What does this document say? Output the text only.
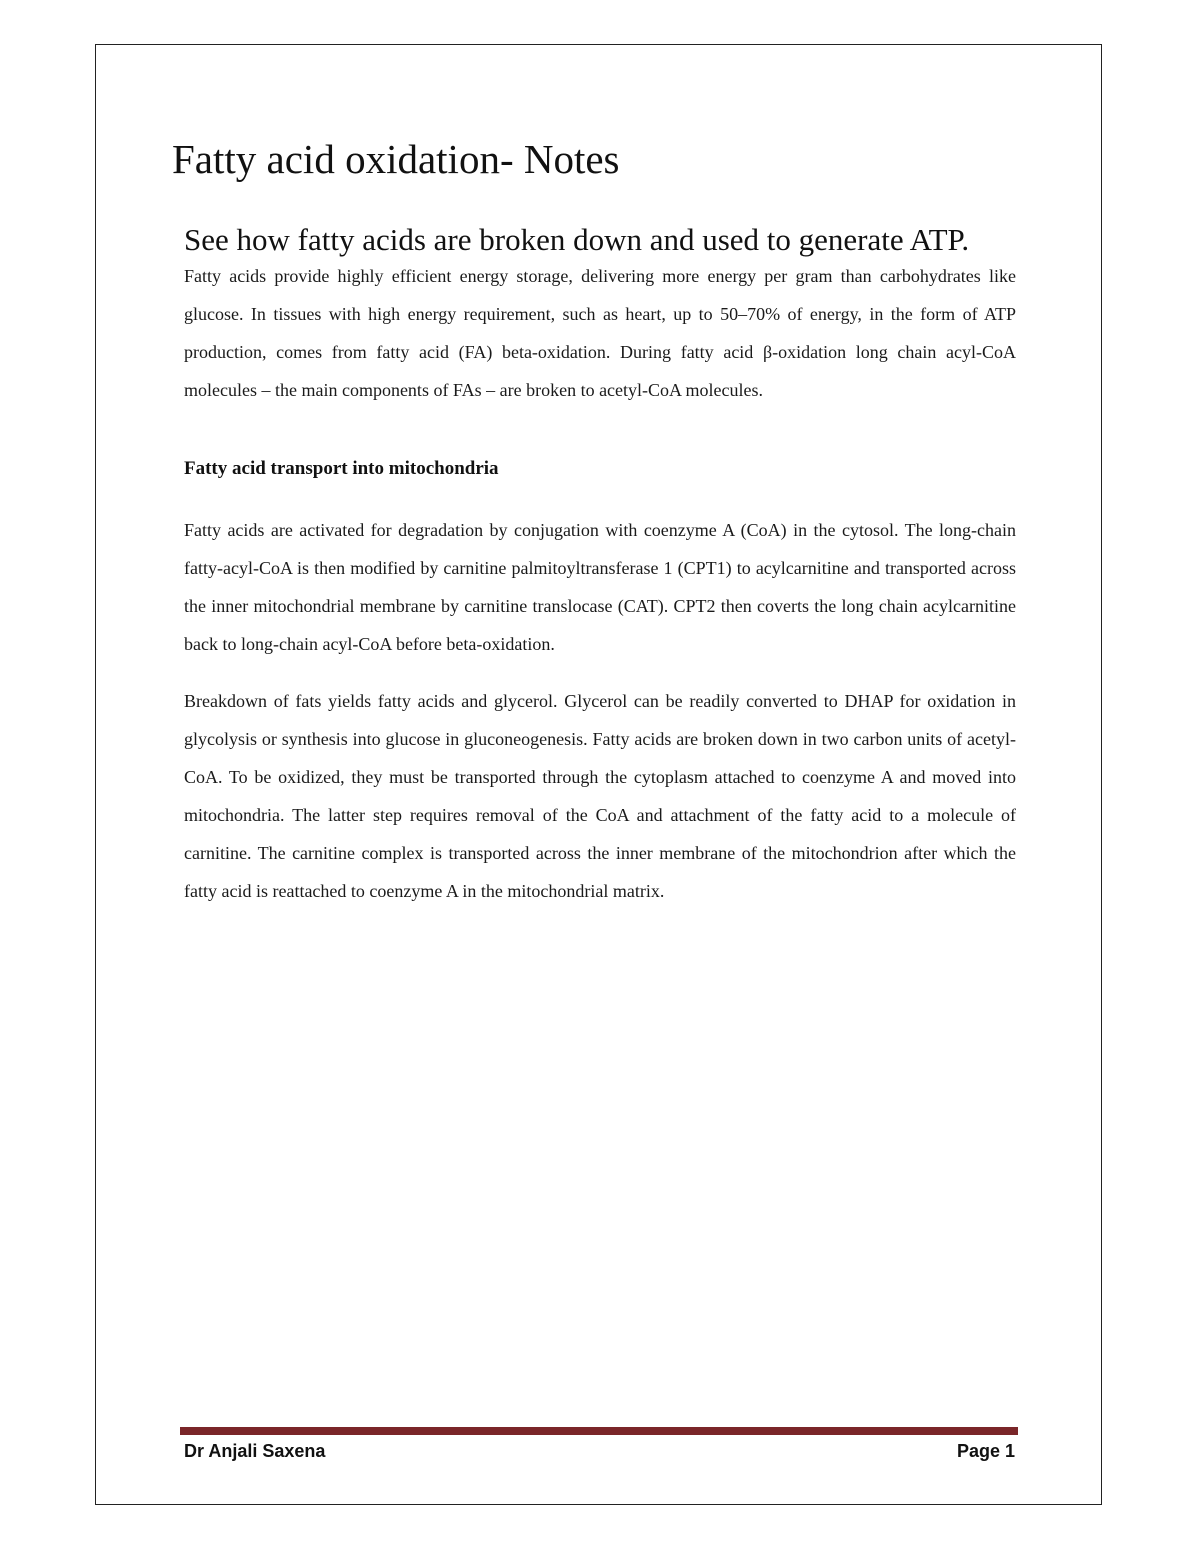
Fatty acid oxidation- Notes
See how fatty acids are broken down and used to generate ATP.

Fatty acids provide highly efficient energy storage, delivering more energy per gram than carbohydrates like glucose. In tissues with high energy requirement, such as heart, up to 50–70% of energy, in the form of ATP production, comes from fatty acid (FA) beta-oxidation. During fatty acid β-oxidation long chain acyl-CoA molecules – the main components of FAs – are broken to acetyl-CoA molecules.

Fatty acid transport into mitochondria

Fatty acids are activated for degradation by conjugation with coenzyme A (CoA) in the cytosol. The long-chain fatty-acyl-CoA is then modified by carnitine palmitoyltransferase 1 (CPT1) to acylcarnitine and transported across the inner mitochondrial membrane by carnitine translocase (CAT). CPT2 then coverts the long chain acylcarnitine back to long-chain acyl-CoA before beta-oxidation.

Breakdown of fats yields fatty acids and glycerol. Glycerol can be readily converted to DHAP for oxidation in glycolysis or synthesis into glucose in gluconeogenesis. Fatty acids are broken down in two carbon units of acetyl-CoA. To be oxidized, they must be transported through the cytoplasm attached to coenzyme A and moved into mitochondria. The latter step requires removal of the CoA and attachment of the fatty acid to a molecule of carnitine. The carnitine complex is transported across the inner membrane of the mitochondrion after which the fatty acid is reattached to coenzyme A in the mitochondrial matrix.

Dr Anjali Saxena	Page 1
